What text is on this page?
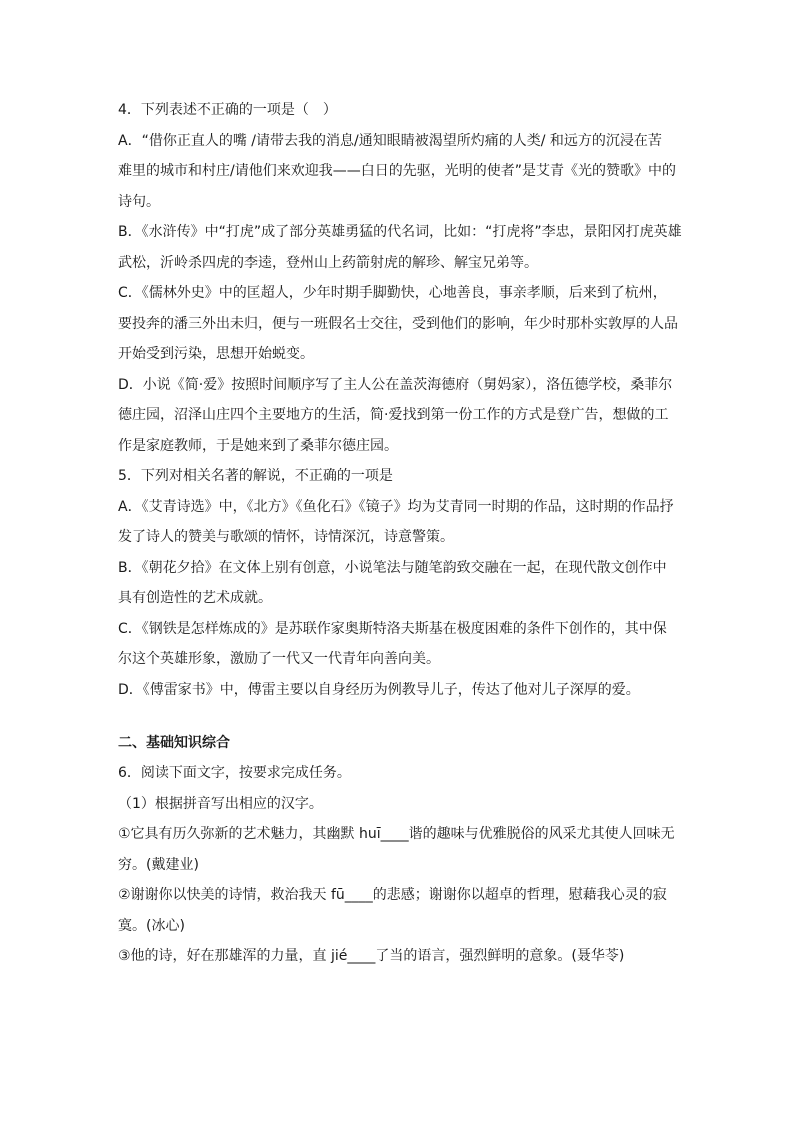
4．下列表述不正确的一项是（　）
A．“借你正直人的嘴 /请带去我的消息/通知眼睛被渴望所灼痛的人类/ 和远方的沉浸在苦
难里的城市和村庄/请他们来欢迎我——白日的先驱，光明的使者”是艾青《光的赞歌》中的
诗句。
B．《水浒传》中“打虎”成了部分英雄勇猛的代名词，比如：“打虎将”李忠，景阳冈打虎英雄
武松，沂岭杀四虎的李逵，登州山上药箭射虎的解珍、解宝兄弟等。
C．《儒林外史》中的匡超人，少年时期手脚勤快，心地善良，事亲孝顺，后来到了杭州，
要投奔的潘三外出未归，便与一班假名士交往，受到他们的影响，年少时那朴实敦厚的人品
开始受到污染，思想开始蜕变。
D．小说《简·爱》按照时间顺序写了主人公在盖茨海德府（舅妈家），洛伍德学校，桑菲尔
德庄园，沼泽山庄四个主要地方的生活，简·爱找到第一份工作的方式是登广告，想做的工
作是家庭教师，于是她来到了桑菲尔德庄园。
5．下列对相关名著的解说，不正确的一项是
A．《艾青诗选》中，《北方》《鱼化石》《镜子》均为艾青同一时期的作品，这时期的作品抒
发了诗人的赞美与歌颂的情怀，诗情深沉，诗意警策。
B．《朝花夕拾》在文体上别有创意，小说笔法与随笔韵致交融在一起，在现代散文创作中
具有创造性的艺术成就。
C．《钢铁是怎样炼成的》是苏联作家奥斯特洛夫斯基在极度困难的条件下创作的，其中保
尔这个英雄形象，激励了一代又一代青年向善向美。
D．《傅雷家书》中，傅雷主要以自身经历为例教导儿子，传达了他对儿子深厚的爱。
二、基础知识综合
6．阅读下面文字，按要求完成任务。
（1）根据拼音写出相应的汉字。
①它具有历久弥新的艺术魅力，其幽默 huī____谐的趣味与优雅脱俗的风采尤其使人回味无
穷。(戴建业)
②谢谢你以快美的诗情，救治我天 fū____的悲感；谢谢你以超卓的哲理，慰藉我心灵的寂
寞。(冰心)
③他的诗，好在那雄浑的力量，直 jié____了当的语言，强烈鲜明的意象。(聂华苓)
